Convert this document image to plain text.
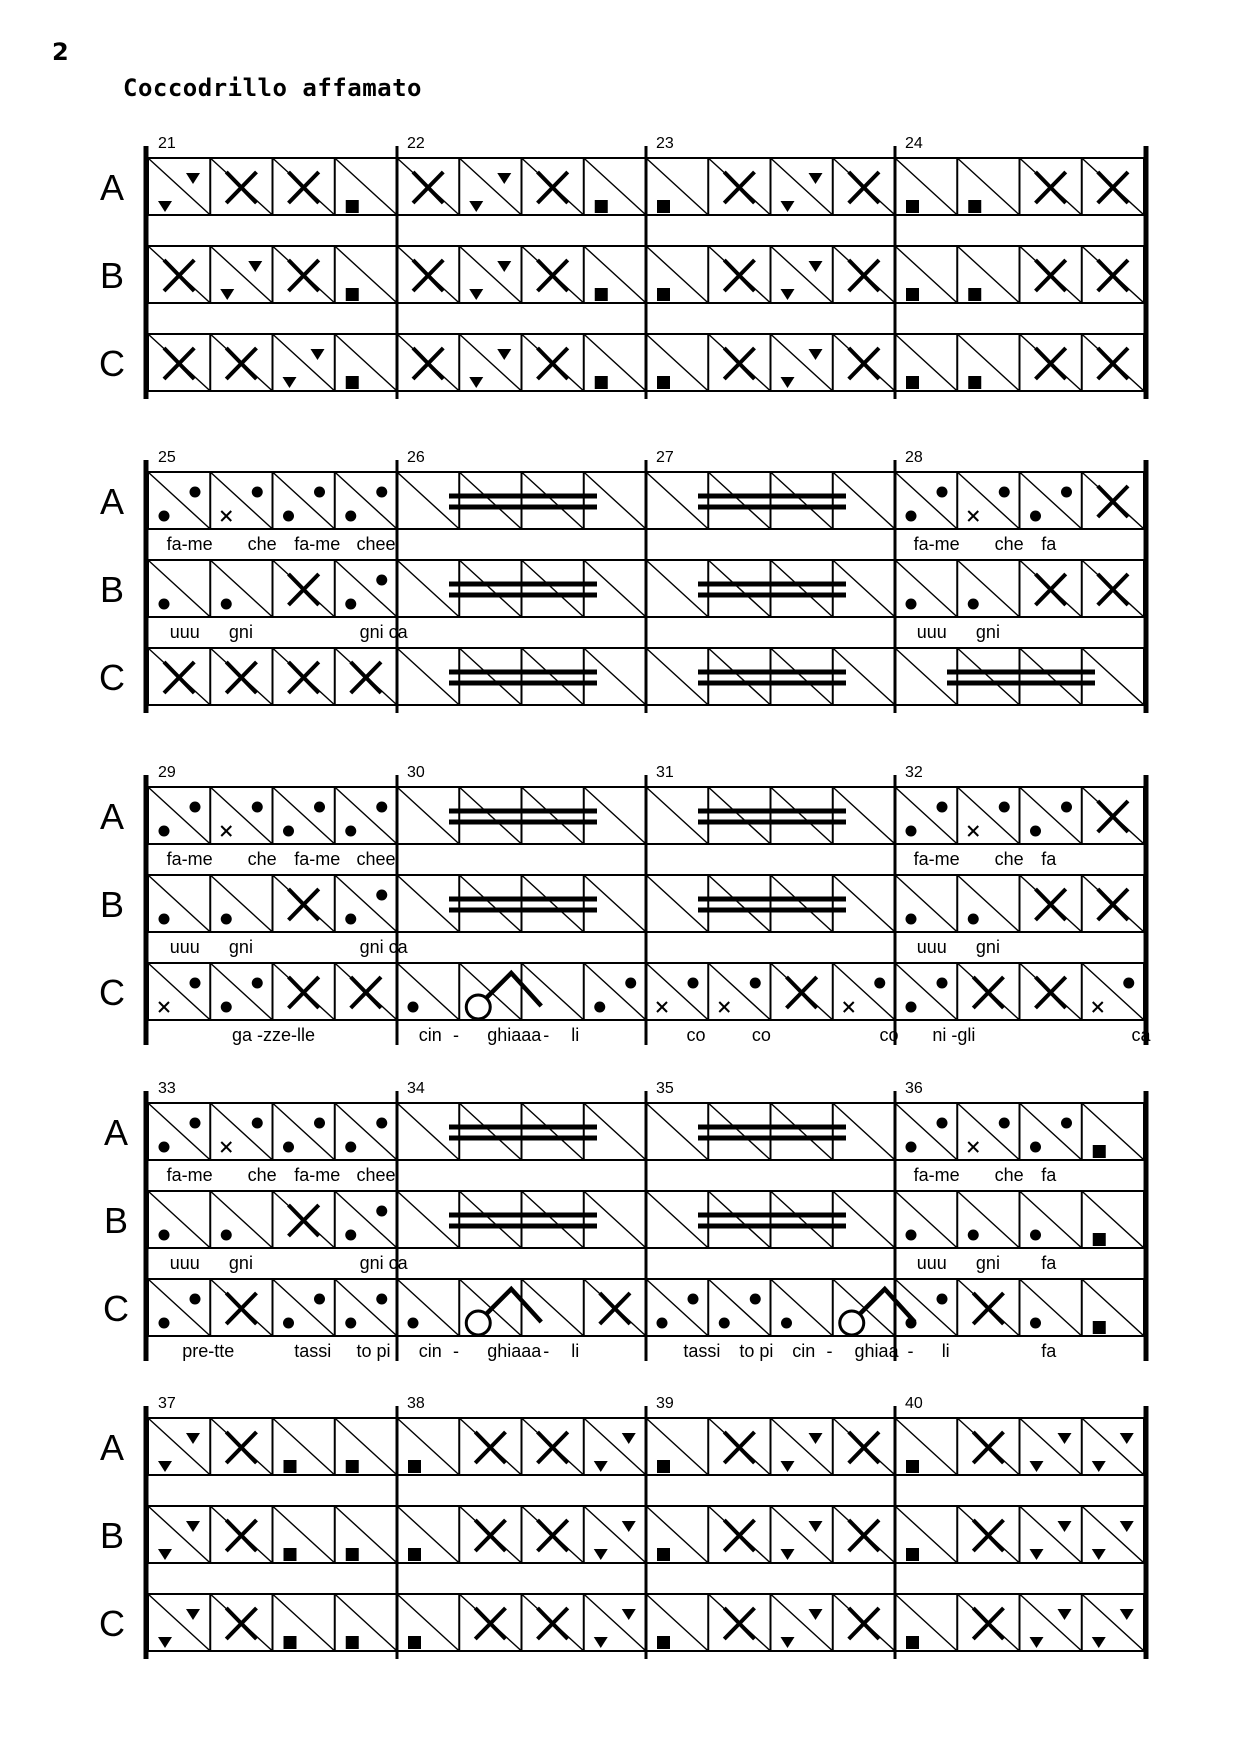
2
Coccodrillo affamato
21	22	23	24
A
B
C
25	26	27	28
A
B
C
fa-me che fa-me chee	fa-me che fa
uuu gni	gni ca	uuu gni
29	30	31	32
A
B
C
fa-me che fa-me chee	fa-me che fa
uuu gni	gni ca	uuu gni
ga -zze-lle	cin - ghiaaa - li	co	co	co ni -gli	ca
33	34	35	36
A
B
C
fa-me che fa-me chee	fa-me che fa
uuu gni	gni ca	uuu gni fa
pre-tte	tassi to pi cin - ghiaaa - li	tassi to pi cin - ghiaa - li	fa
37	38	39	40
A
B
C
